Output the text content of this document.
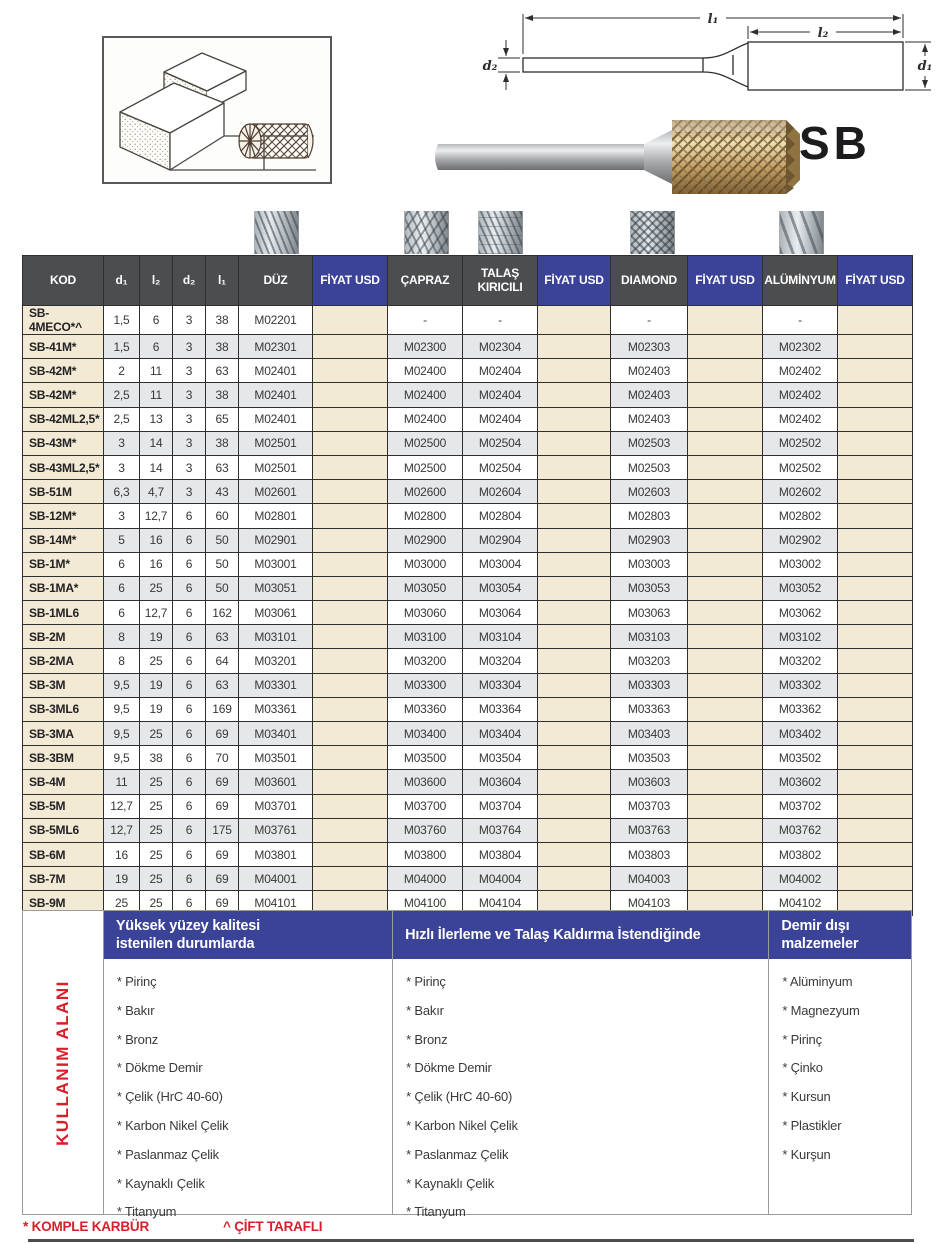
l₁
l₂
d₂	d₁
SB
KOD	d₁	l₂	d₂	l₁	DÜZ	FİYAT USD	ÇAPRAZ	TALAŞ KIRICILI	FİYAT USD	DIAMOND	FİYAT USD	ALÜMİNYUM	FİYAT USD
SB-4MECO*^	1,5	6	3	38	M02201		-	-		-		-	
SB-41M*	1,5	6	3	38	M02301		M02300	M02304		M02303		M02302	
SB-42M*	2	11	3	63	M02401		M02400	M02404		M02403		M02402	
SB-42M*	2,5	11	3	38	M02401		M02400	M02404		M02403		M02402	
SB-42ML2,5*	2,5	13	3	65	M02401		M02400	M02404		M02403		M02402	
SB-43M*	3	14	3	38	M02501		M02500	M02504		M02503		M02502	
SB-43ML2,5*	3	14	3	63	M02501		M02500	M02504		M02503		M02502	
SB-51M	6,3	4,7	3	43	M02601		M02600	M02604		M02603		M02602	
SB-12M*	3	12,7	6	60	M02801		M02800	M02804		M02803		M02802	
SB-14M*	5	16	6	50	M02901		M02900	M02904		M02903		M02902	
SB-1M*	6	16	6	50	M03001		M03000	M03004		M03003		M03002	
SB-1MA*	6	25	6	50	M03051		M03050	M03054		M03053		M03052	
SB-1ML6	6	12,7	6	162	M03061		M03060	M03064		M03063		M03062	
SB-2M	8	19	6	63	M03101		M03100	M03104		M03103		M03102	
SB-2MA	8	25	6	64	M03201		M03200	M03204		M03203		M03202	
SB-3M	9,5	19	6	63	M03301		M03300	M03304		M03303		M03302	
SB-3ML6	9,5	19	6	169	M03361		M03360	M03364		M03363		M03362	
SB-3MA	9,5	25	6	69	M03401		M03400	M03404		M03403		M03402	
SB-3BM	9,5	38	6	70	M03501		M03500	M03504		M03503		M03502	
SB-4M	11	25	6	69	M03601		M03600	M03604		M03603		M03602	
SB-5M	12,7	25	6	69	M03701		M03700	M03704		M03703		M03702	
SB-5ML6	12,7	25	6	175	M03761		M03760	M03764		M03763		M03762	
SB-6M	16	25	6	69	M03801		M03800	M03804		M03803		M03802	
SB-7M	19	25	6	69	M04001		M04000	M04004		M04003		M04002	
SB-9M	25	25	6	69	M04101		M04100	M04104		M04103		M04102	
KULLANIM ALANI
Yüksek yüzey kalitesi istenilen durumlarda
* Pirinç
* Bakır
* Bronz
* Dökme Demir
* Çelik (HrC 40-60)
* Karbon Nikel Çelik
* Paslanmaz Çelik
* Kaynaklı Çelik
* Titanyum
Hızlı İlerleme ve Talaş Kaldırma İstendiğinde
* Pirinç
* Bakır
* Bronz
* Dökme Demir
* Çelik (HrC 40-60)
* Karbon Nikel Çelik
* Paslanmaz Çelik
* Kaynaklı Çelik
* Titanyum
Demir dışı malzemeler
* Alüminyum
* Magnezyum
* Pirinç
* Çinko
* Kursun
* Plastikler
* Kurşun
* KOMPLE KARBÜR	^ ÇİFT TARAFLI
